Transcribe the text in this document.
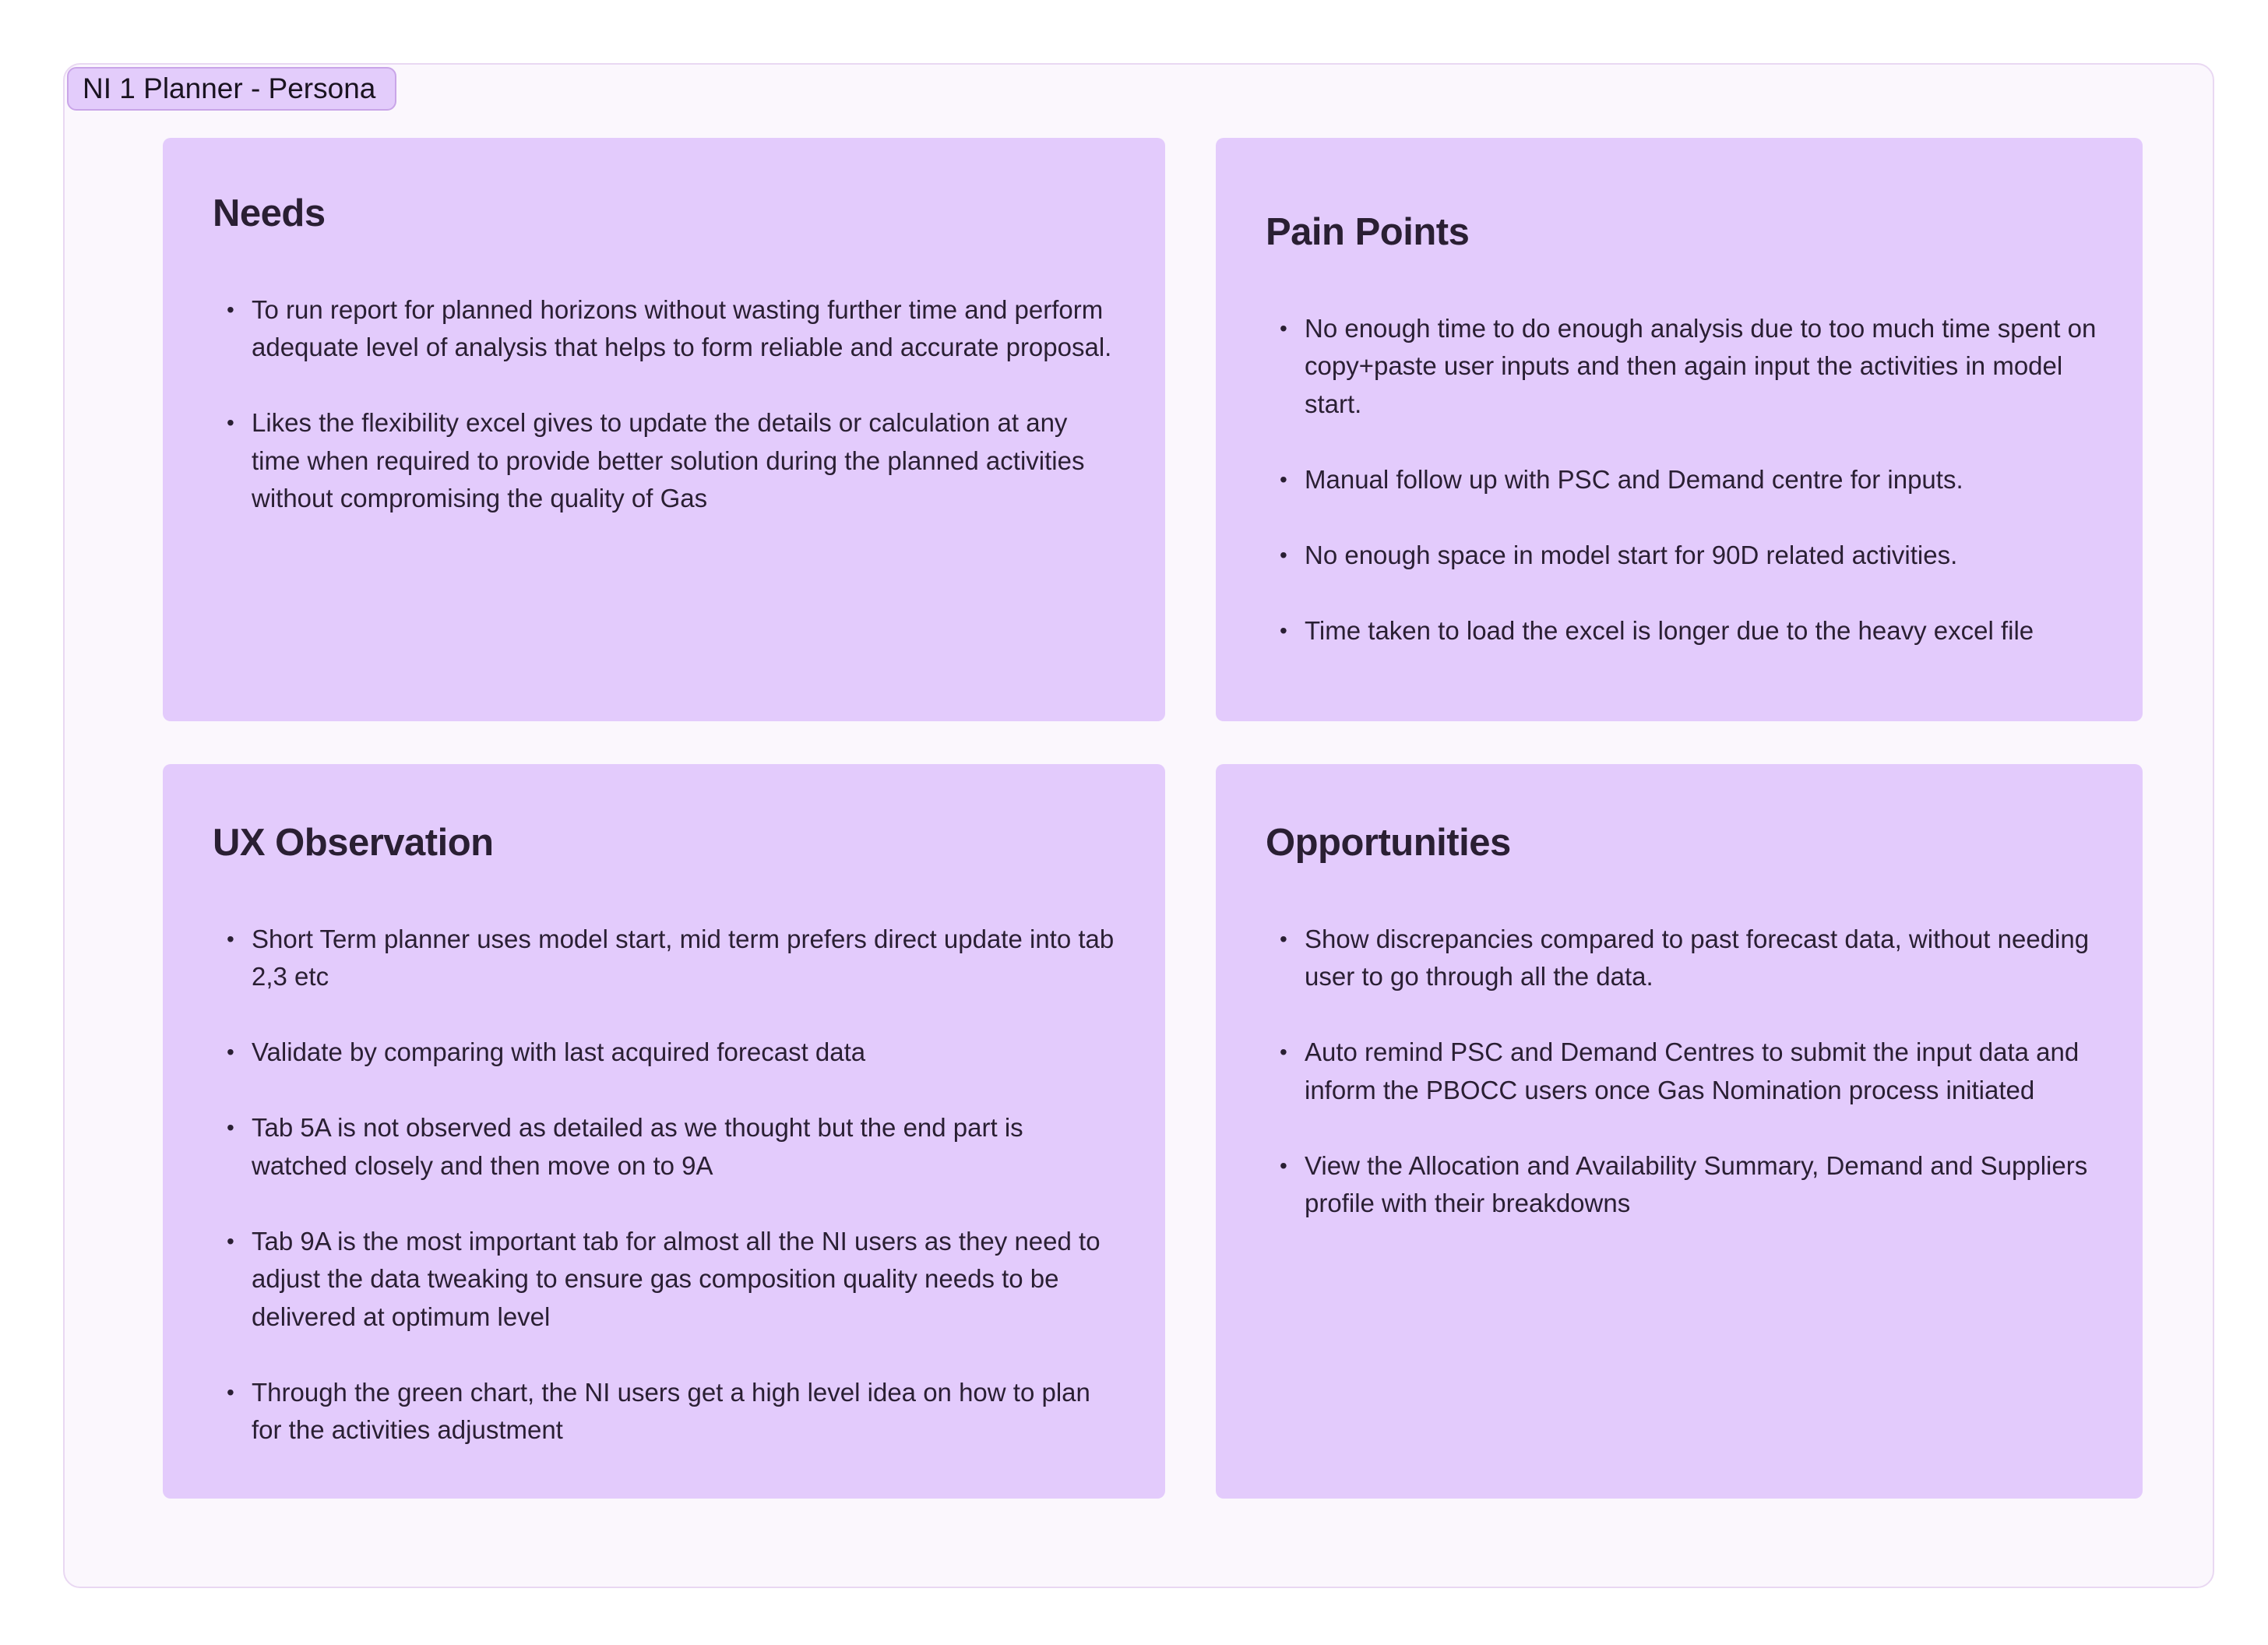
NI 1 Planner - Persona
Needs
• To run report for planned horizons without wasting further time and perform adequate level of analysis that helps to form reliable and accurate proposal.
• Likes the flexibility excel gives to update the details or calculation at any time when required to provide better solution during the planned activities without compromising the quality of Gas
Pain Points
• No enough time to do enough analysis due to too much time spent on copy+paste user inputs and then again input the activities in model start.
• Manual follow up with PSC and Demand centre for inputs.
• No enough space in model start for 90D related activities.
• Time taken to load the excel is longer due to the heavy excel file
UX Observation
• Short Term planner uses model start, mid term prefers direct update into tab 2,3 etc
• Validate by comparing with last acquired forecast data
• Tab 5A is not observed as detailed as we thought but the end part is watched closely and then move on to 9A
• Tab 9A is the most important tab for almost all the NI users as they need to adjust the data tweaking to ensure gas composition quality needs to be delivered at optimum level
• Through the green chart, the NI users get a high level idea on how to plan for the activities adjustment
Opportunities
• Show discrepancies compared to past forecast data, without needing user to go through all the data.
• Auto remind PSC and Demand Centres to submit the input data and inform the PBOCC users once Gas Nomination process initiated
• View the Allocation and Availability Summary, Demand and Suppliers profile with their breakdowns
